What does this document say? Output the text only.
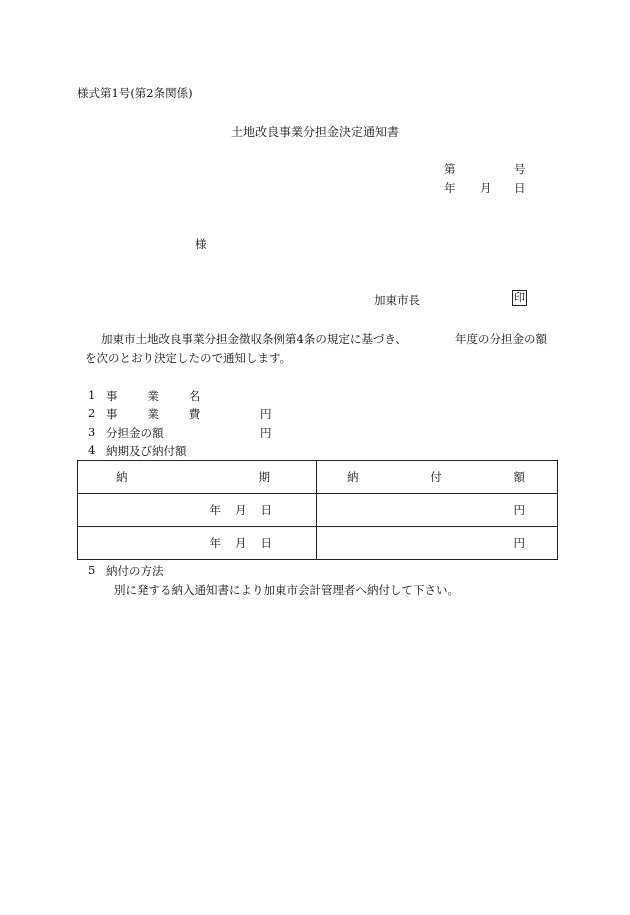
様式第1号(第2条関係)
土地改良事業分担金決定通知書
第	号
年 月 日
様
加東市長	印
加東市土地改良事業分担金徴収条例第4条の規定に基づき、	年度の分担金の額
を次のとおり決定したので通知します。
1 事業名
2 事業費	円
3 分担金の額	円
4 納期及び納付額
納 期	納 付 額

年 月 日	円

年 月 日	円
5 納付の方法
別に発する納入通知書により加東市会計管理者へ納付して下さい。
